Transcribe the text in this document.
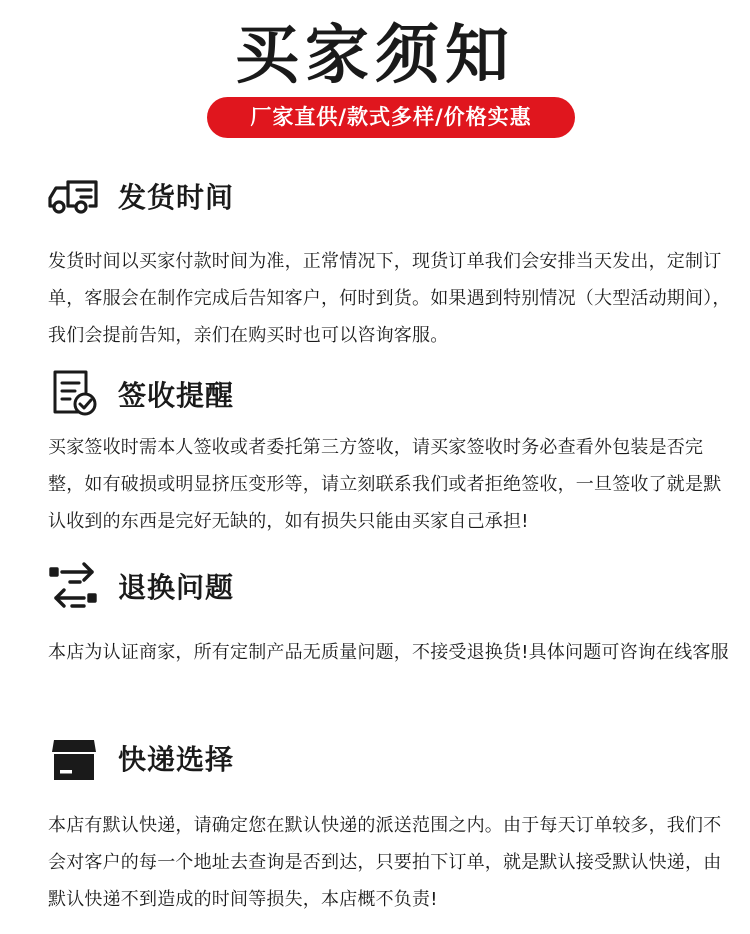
买家须知
厂家直供/款式多样/价格实惠
发货时间
发货时间以买家付款时间为准，正常情况下，现货订单我们会安排当天发出，定制订单，客服会在制作完成后告知客户，何时到货。如果遇到特别情况（大型活动期间），我们会提前告知，亲们在购买时也可以咨询客服。
签收提醒
买家签收时需本人签收或者委托第三方签收，请买家签收时务必查看外包装是否完整，如有破损或明显挤压变形等，请立刻联系我们或者拒绝签收，一旦签收了就是默认收到的东西是完好无缺的，如有损失只能由买家自己承担!
退换问题
本店为认证商家，所有定制产品无质量问题，不接受退换货!具体问题可咨询在线客服
快递选择
本店有默认快递，请确定您在默认快递的派送范围之内。由于每天订单较多，我们不会对客户的每一个地址去查询是否到达，只要拍下订单，就是默认接受默认快递，由默认快递不到造成的时间等损失，本店概不负责!
